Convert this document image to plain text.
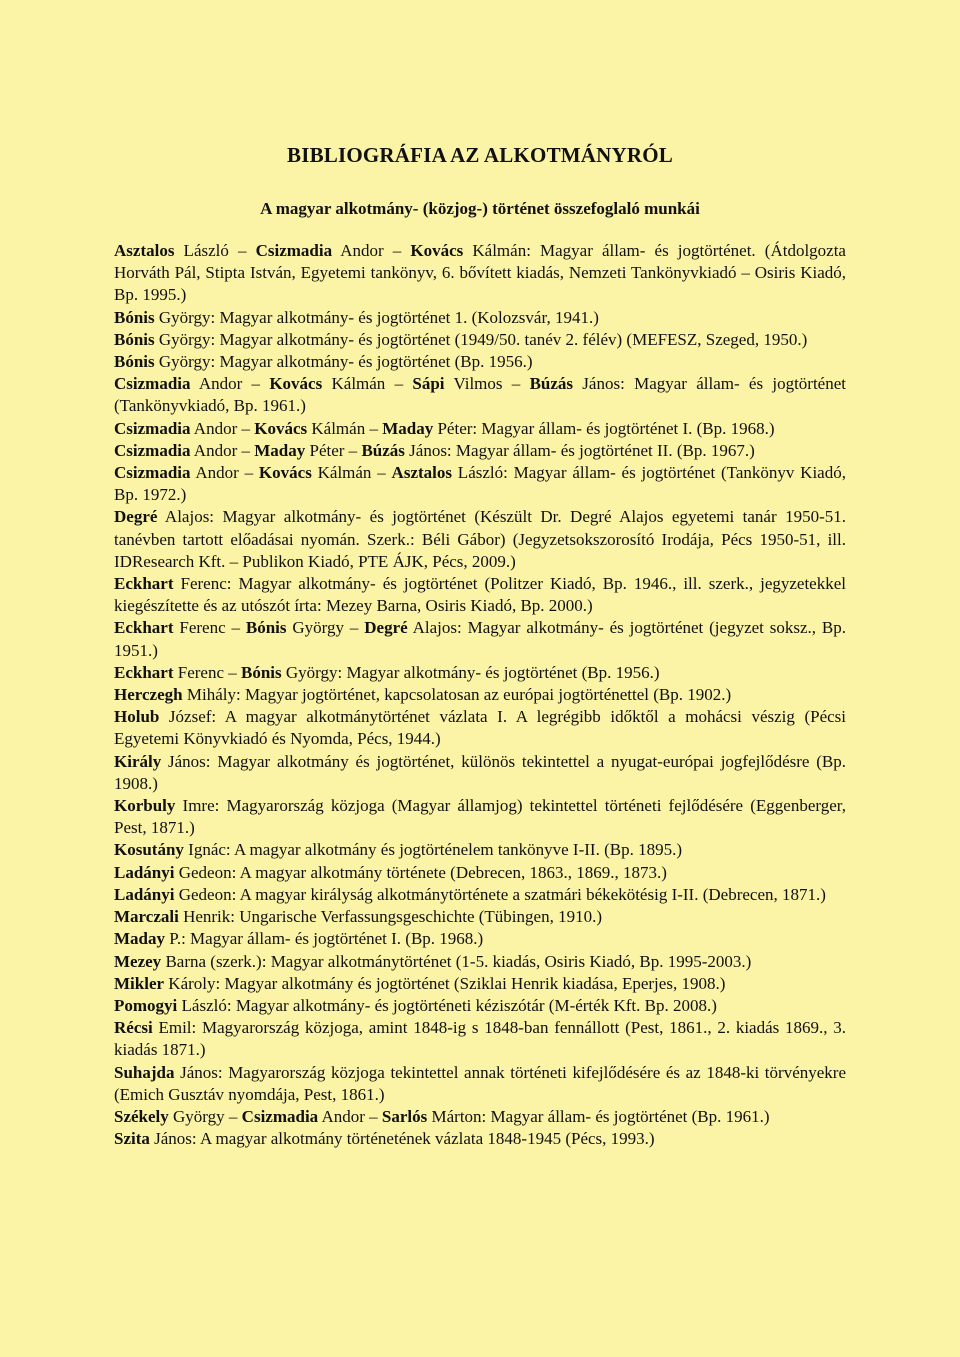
BIBLIOGRÁFIA AZ ALKOTMÁNYRÓL
A magyar alkotmány- (közjog-) történet összefoglaló munkái

Asztalos László – Csizmadia Andor – Kovács Kálmán: Magyar állam- és jogtörténet. (Átdolgozta Horváth Pál, Stipta István, Egyetemi tankönyv, 6. bővített kiadás, Nemzeti Tankönyvkiadó – Osiris Kiadó, Bp. 1995.)

Bónis György: Magyar alkotmány- és jogtörténet 1. (Kolozsvár, 1941.)

Bónis György: Magyar alkotmány- és jogtörténet (1949/50. tanév 2. félév) (MEFESZ, Szeged, 1950.)

Bónis György: Magyar alkotmány- és jogtörténet (Bp. 1956.)

Csizmadia Andor – Kovács Kálmán – Sápi Vilmos – Búzás János: Magyar állam- és jogtörténet (Tankönyvkiadó, Bp. 1961.)

Csizmadia Andor – Kovács Kálmán – Maday Péter: Magyar állam- és jogtörténet I. (Bp. 1968.)

Csizmadia Andor – Maday Péter – Búzás János: Magyar állam- és jogtörténet II. (Bp. 1967.)

Csizmadia Andor – Kovács Kálmán – Asztalos László: Magyar állam- és jogtörténet (Tankönyv Kiadó, Bp. 1972.)

Degré Alajos: Magyar alkotmány- és jogtörténet (Készült Dr. Degré Alajos egyetemi tanár 1950-51. tanévben tartott előadásai nyomán. Szerk.: Béli Gábor) (Jegyzetsokszorosító Irodája, Pécs 1950-51, ill. IDResearch Kft. – Publikon Kiadó, PTE ÁJK, Pécs, 2009.)

Eckhart Ferenc: Magyar alkotmány- és jogtörténet (Politzer Kiadó, Bp. 1946., ill. szerk., jegyzetekkel kiegészítette és az utószót írta: Mezey Barna, Osiris Kiadó, Bp. 2000.)

Eckhart Ferenc – Bónis György – Degré Alajos: Magyar alkotmány- és jogtörténet (jegyzet soksz., Bp. 1951.)

Eckhart Ferenc – Bónis György: Magyar alkotmány- és jogtörténet (Bp. 1956.)

Herczegh Mihály: Magyar jogtörténet, kapcsolatosan az európai jogtörténettel (Bp. 1902.)

Holub József: A magyar alkotmánytörténet vázlata I. A legrégibb időktől a mohácsi vészig (Pécsi Egyetemi Könyvkiadó és Nyomda, Pécs, 1944.)

Király János: Magyar alkotmány és jogtörténet, különös tekintettel a nyugat-európai jogfejlődésre (Bp. 1908.)

Korbuly Imre: Magyarország közjoga (Magyar államjog) tekintettel történeti fejlődésére (Eggenberger, Pest, 1871.)

Kosutány Ignác: A magyar alkotmány és jogtörténelem tankönyve I-II. (Bp. 1895.)

Ladányi Gedeon: A magyar alkotmány története (Debrecen, 1863., 1869., 1873.)

Ladányi Gedeon: A magyar királyság alkotmánytörténete a szatmári békekötésig I-II. (Debrecen, 1871.)

Marczali Henrik: Ungarische Verfassungsgeschichte (Tübingen, 1910.)

Maday P.: Magyar állam- és jogtörténet I. (Bp. 1968.)

Mezey Barna (szerk.): Magyar alkotmánytörténet (1-5. kiadás, Osiris Kiadó, Bp. 1995-2003.)

Mikler Károly: Magyar alkotmány és jogtörténet (Sziklai Henrik kiadása, Eperjes, 1908.)

Pomogyi László: Magyar alkotmány- és jogtörténeti kéziszótár (M-érték Kft. Bp. 2008.)

Récsi Emil: Magyarország közjoga, amint 1848-ig s 1848-ban fennállott (Pest, 1861., 2. kiadás 1869., 3. kiadás 1871.)

Suhajda János: Magyarország közjoga tekintettel annak történeti kifejlődésére és az 1848-ki törvényekre (Emich Gusztáv nyomdája, Pest, 1861.)

Székely György – Csizmadia Andor – Sarlós Márton: Magyar állam- és jogtörténet (Bp. 1961.)

Szita János: A magyar alkotmány történetének vázlata 1848-1945 (Pécs, 1993.)
